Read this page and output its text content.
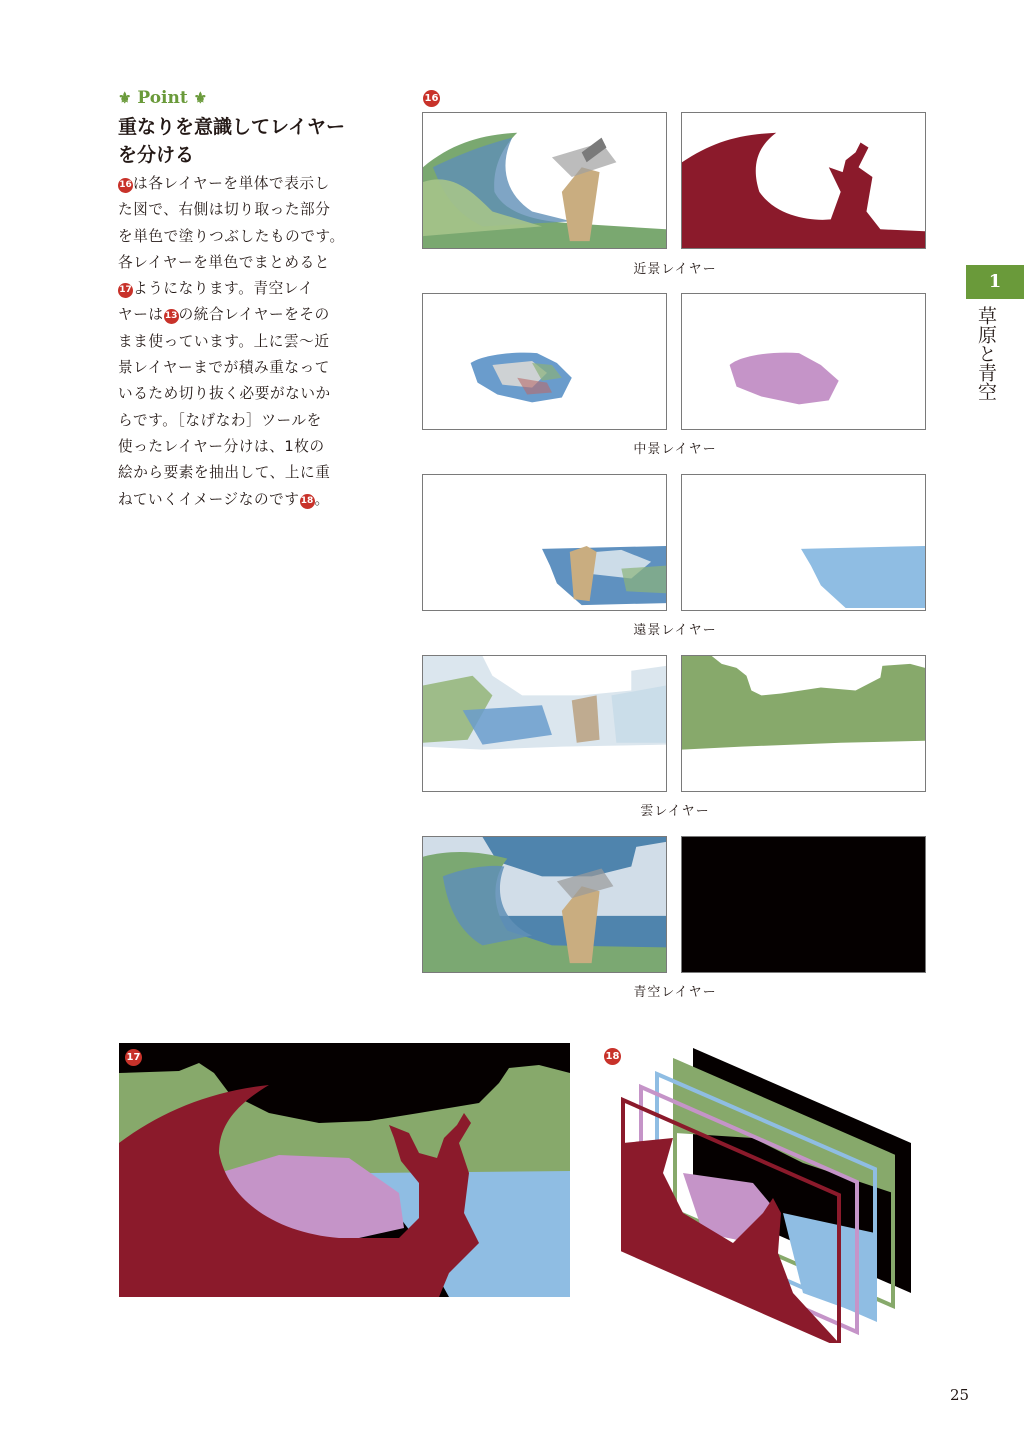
⚜ Point ⚜
重なりを意識してレイヤー
を分ける
16は各レイヤーを単体で表示し
た図で、右側は切り取った部分
を単色で塗りつぶしたものです。
各レイヤーを単色でまとめると
17ようになります。青空レイ
ヤーは13の統合レイヤーをその
まま使っています。上に雲〜近
景レイヤーまでが積み重なって
いるため切り抜く必要がないか
らです。［なげなわ］ツールを
使ったレイヤー分けは、1枚の
絵から要素を抽出して、上に重
ねていくイメージなのです18。
16
近景レイヤー
中景レイヤー
遠景レイヤー
雲レイヤー
青空レイヤー
17	18
1
草原と青空
25
